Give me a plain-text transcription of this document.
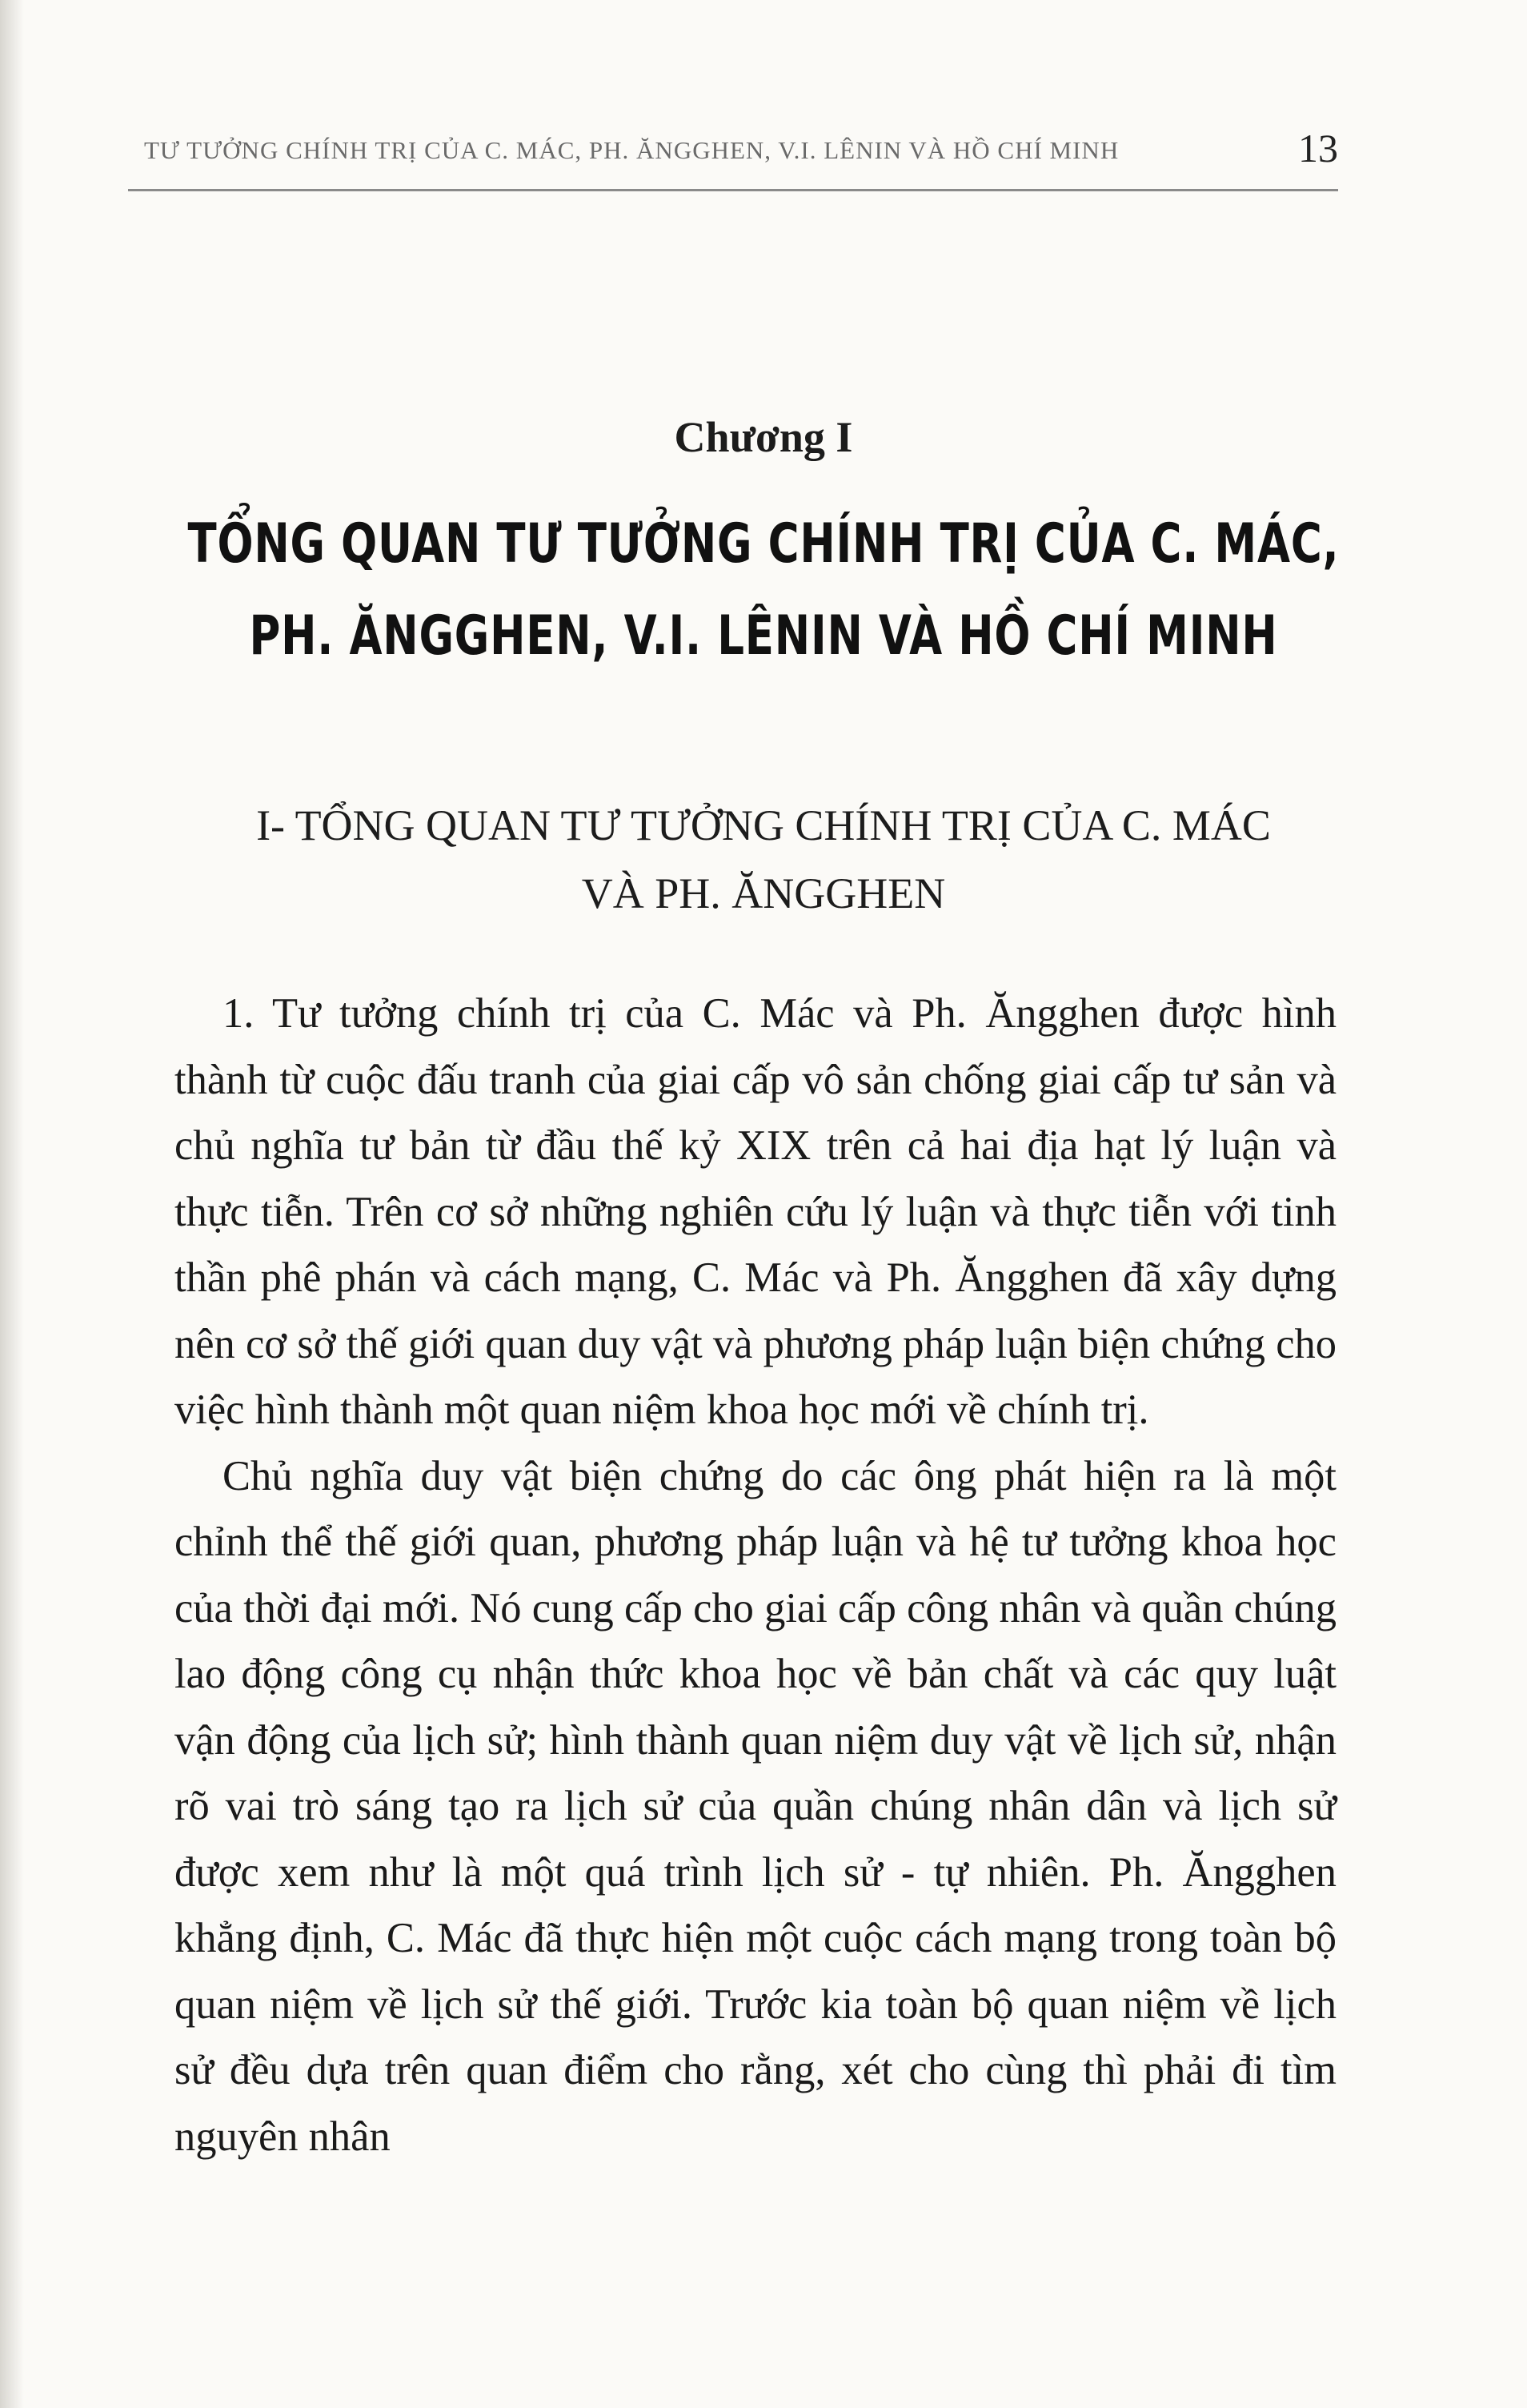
TƯ TƯỞNG CHÍNH TRỊ CỦA C. MÁC, PH. ĂNGGHEN, V.I. LÊNIN VÀ HỒ CHÍ MINH	13
Chương I
TỔNG QUAN TƯ TƯỞNG CHÍNH TRỊ CỦA C. MÁC,
PH. ĂNGGHEN, V.I. LÊNIN VÀ HỒ CHÍ MINH
I- TỔNG QUAN TƯ TƯỞNG CHÍNH TRỊ CỦA C. MÁC
VÀ PH. ĂNGGHEN

1. Tư tưởng chính trị của C. Mác và Ph. Ăngghen được hình thành từ cuộc đấu tranh của giai cấp vô sản chống giai cấp tư sản và chủ nghĩa tư bản từ đầu thế kỷ XIX trên cả hai địa hạt lý luận và thực tiễn. Trên cơ sở những nghiên cứu lý luận và thực tiễn với tinh thần phê phán và cách mạng, C. Mác và Ph. Ăngghen đã xây dựng nên cơ sở thế giới quan duy vật và phương pháp luận biện chứng cho việc hình thành một quan niệm khoa học mới về chính trị.

Chủ nghĩa duy vật biện chứng do các ông phát hiện ra là một chỉnh thể thế giới quan, phương pháp luận và hệ tư tưởng khoa học của thời đại mới. Nó cung cấp cho giai cấp công nhân và quần chúng lao động công cụ nhận thức khoa học về bản chất và các quy luật vận động của lịch sử; hình thành quan niệm duy vật về lịch sử, nhận rõ vai trò sáng tạo ra lịch sử của quần chúng nhân dân và lịch sử được xem như là một quá trình lịch sử - tự nhiên. Ph. Ăngghen khẳng định, C. Mác đã thực hiện một cuộc cách mạng trong toàn bộ quan niệm về lịch sử thế giới. Trước kia toàn bộ quan niệm về lịch sử đều dựa trên quan điểm cho rằng, xét cho cùng thì phải đi tìm nguyên nhân
